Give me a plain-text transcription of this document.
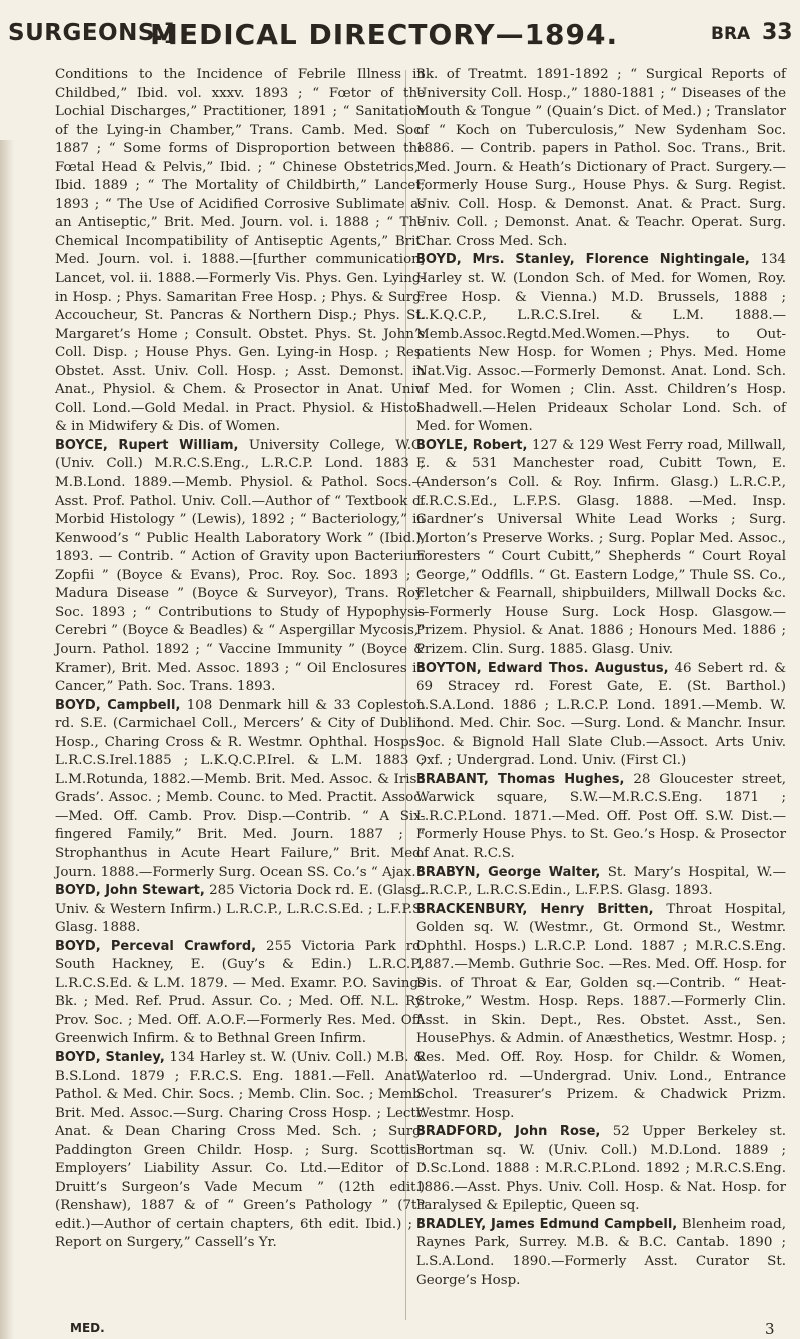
SURGEONS.]
MEDICAL DIRECTORY—1894.	BRA 33

Conditions to the Incidence of Febrile Illness in Childbed,” Ibid. vol. xxxv. 1893 ; “ Fœtor of the Lochial Discharges,” Practitioner, 1891 ; “ Sanitation of the Lying-in Chamber,” Trans. Camb. Med. Soc. 1887 ; “ Some forms of Disproportion between the Fœtal Head & Pelvis,” Ibid. ; “ Chinese Obstetrics,” Ibid. 1889 ; “ The Mortality of Childbirth,” Lancet, 1893 ; “ The Use of Acidified Corrosive Sublimate as an Antiseptic,” Brit. Med. Journ. vol. i. 1888 ; “ The Chemical Incompatibility of Antiseptic Agents,” Brit. Med. Journ. vol. i. 1888.—[further communication] Lancet, vol. ii. 1888.—Formerly Vis. Phys. Gen. Lying-in Hosp. ; Phys. Samaritan Free Hosp. ; Phys. & Surg. Accoucheur, St. Pancras & Northern Disp.; Phys. St. Margaret’s Home ; Consult. Obstet. Phys. St. John’s Coll. Disp. ; House Phys. Gen. Lying-in Hosp. ; Res. Obstet. Asst. Univ. Coll. Hosp. ; Asst. Demonst. in Anat., Physiol. & Chem. & Prosector in Anat. Univ. Coll. Lond.—Gold Medal. in Pract. Physiol. & Histol. & in Midwifery & Dis. of Women.

BOYCE, Rupert William, University College, W.C. (Univ. Coll.) M.R.C.S.Eng., L.R.C.P. Lond. 1883 ; M.B.Lond. 1889.—Memb. Physiol. & Pathol. Socs.—Asst. Prof. Pathol. Univ. Coll.—Author of “ Textbook of Morbid Histology ” (Lewis), 1892 ; “ Bacteriology,” in Kenwood’s “ Public Health Laboratory Work ” (Ibid.), 1893. — Contrib. “ Action of Gravity upon Bacterium Zopfii ” (Boyce & Evans), Proc. Roy. Soc. 1893 ; “ Madura Disease ” (Boyce & Surveyor), Trans. Roy. Soc. 1893 ; “ Contributions to Study of Hypophysis Cerebri ” (Boyce & Beadles) & “ Aspergillar Mycosis,” Journ. Pathol. 1892 ; “ Vaccine Immunity ” (Boyce & Kramer), Brit. Med. Assoc. 1893 ; “ Oil Enclosures in Cancer,” Path. Soc. Trans. 1893.

BOYD, Campbell, 108 Denmark hill & 33 Copleston rd. S.E. (Carmichael Coll., Mercers’ & City of Dublin Hosp., Charing Cross & R. Westmr. Ophthal. Hosps.) L.R.C.S.Irel.1885 ; L.K.Q.C.P.Irel. & L.M. 1883 ; L.M.Rotunda, 1882.—Memb. Brit. Med. Assoc. & Irish Grads’. Assoc. ; Memb. Counc. to Med. Practit. Assoc.—Med. Off. Camb. Prov. Disp.—Contrib. “ A Six-fingered Family,” Brit. Med. Journ. 1887 ; “ Strophanthus in Acute Heart Failure,” Brit. Med. Journ. 1888.—Formerly Surg. Ocean SS. Co.’s “ Ajax.”

BOYD, John Stewart, 285 Victoria Dock rd. E. (Glasg. Univ. & Western Infirm.) L.R.C.P., L.R.C.S.Ed. ; L.F.P.S. Glasg. 1888.

BOYD, Perceval Crawford, 255 Victoria Park rd. South Hackney, E. (Guy’s & Edin.) L.R.C.P., L.R.C.S.Ed. & L.M. 1879. — Med. Examr. P.O. Savings Bk. ; Med. Ref. Prud. Assur. Co. ; Med. Off. N.L. Ry. Prov. Soc. ; Med. Off. A.O.F.—Formerly Res. Med. Off. Greenwich Infirm. & to Bethnal Green Infirm.

BOYD, Stanley, 134 Harley st. W. (Univ. Coll.) M.B. & B.S.Lond. 1879 ; F.R.C.S. Eng. 1881.—Fell. Anat., Pathol. & Med. Chir. Socs. ; Memb. Clin. Soc. ; Memb. Brit. Med. Assoc.—Surg. Charing Cross Hosp. ; Lectr. Anat. & Dean Charing Cross Med. Sch. ; Surg. Paddington Green Childr. Hosp. ; Surg. Scottish Employers’ Liability Assur. Co. Ltd.—Editor of ‘ Druitt’s Surgeon’s Vade Mecum ” (12th edit.) (Renshaw), 1887 & of “ Green’s Pathology ” (7th edit.)—Author of certain chapters, 6th edit. Ibid.) ; “ Report on Surgery,” Cassell’s Yr.

Bk. of Treatmt. 1891-1892 ; “ Surgical Reports of University Coll. Hosp.,” 1880-1881 ; “ Diseases of the Mouth & Tongue ” (Quain’s Dict. of Med.) ; Translator of “ Koch on Tuberculosis,” New Sydenham Soc. 1886. — Contrib. papers in Pathol. Soc. Trans., Brit. Med. Journ. & Heath’s Dictionary of Pract. Surgery.—Formerly House Surg., House Phys. & Surg. Regist. Univ. Coll. Hosp. & Demonst. Anat. & Pract. Surg. Univ. Coll. ; Demonst. Anat. & Teachr. Operat. Surg. Char. Cross Med. Sch.

BOYD, Mrs. Stanley, Florence Nightingale, 134 Harley st. W. (London Sch. of Med. for Women, Roy. Free Hosp. & Vienna.) M.D. Brussels, 1888 ; L.K.Q.C.P., L.R.C.S.Irel. & L.M. 1888.—Memb.Assoc.Regtd.Med.Women.—Phys. to Out-patients New Hosp. for Women ; Phys. Med. Home Nat.Vig. Assoc.—Formerly Demonst. Anat. Lond. Sch. of Med. for Women ; Clin. Asst. Children’s Hosp. Shadwell.—Helen Prideaux Scholar Lond. Sch. of Med. for Women.

BOYLE, Robert, 127 & 129 West Ferry road, Millwall, E. & 531 Manchester road, Cubitt Town, E. (Anderson’s Coll. & Roy. Infirm. Glasg.) L.R.C.P., L.R.C.S.Ed., L.F.P.S. Glasg. 1888. —Med. Insp. Gardner’s Universal White Lead Works ; Surg. Morton’s Preserve Works. ; Surg. Poplar Med. Assoc., Foresters “ Court Cubitt,” Shepherds “ Court Royal George,” Oddflls. “ Gt. Eastern Lodge,” Thule SS. Co., Fletcher & Fearnall, shipbuilders, Millwall Docks &c.—Formerly House Surg. Lock Hosp. Glasgow.—Prizem. Physiol. & Anat. 1886 ; Honours Med. 1886 ; Prizem. Clin. Surg. 1885. Glasg. Univ.

BOYTON, Edward Thos. Augustus, 46 Sebert rd. & 69 Stracey rd. Forest Gate, E. (St. Barthol.) L.S.A.Lond. 1886 ; L.R.C.P. Lond. 1891.—Memb. W. Lond. Med. Chir. Soc. —Surg. Lond. & Manchr. Insur. Soc. & Bignold Hall Slate Club.—Assoct. Arts Univ. Oxf. ; Undergrad. Lond. Univ. (First Cl.)

BRABANT, Thomas Hughes, 28 Gloucester street, Warwick square, S.W.—M.R.C.S.Eng. 1871 ; L.R.C.P.Lond. 1871.—Med. Off. Post Off. S.W. Dist.—Formerly House Phys. to St. Geo.’s Hosp. & Prosector of Anat. R.C.S.

BRABYN, George Walter, St. Mary’s Hospital, W.—L.R.C.P., L.R.C.S.Edin., L.F.P.S. Glasg. 1893.

BRACKENBURY, Henry Britten, Throat Hospital, Golden sq. W. (Westmr., Gt. Ormond St., Westmr. Ophthl. Hosps.) L.R.C.P. Lond. 1887 ; M.R.C.S.Eng. 1887.—Memb. Guthrie Soc. —Res. Med. Off. Hosp. for Dis. of Throat & Ear, Golden sq.—Contrib. “ Heat-Stroke,” Westm. Hosp. Reps. 1887.—Formerly Clin. Asst. in Skin. Dept., Res. Obstet. Asst., Sen. HousePhys. & Admin. of Anæsthetics, Westmr. Hosp. ; Res. Med. Off. Roy. Hosp. for Childr. & Women, Waterloo rd. —Undergrad. Univ. Lond., Entrance Schol. Treasurer’s Prizem. & Chadwick Prizm. Westmr. Hosp.

BRADFORD, John Rose, 52 Upper Berkeley st. Portman sq. W. (Univ. Coll.) M.D.Lond. 1889 ; D.Sc.Lond. 1888 : M.R.C.P.Lond. 1892 ; M.R.C.S.Eng. 1886.—Asst. Phys. Univ. Coll. Hosp. & Nat. Hosp. for Paralysed & Epileptic, Queen sq.

BRADLEY, James Edmund Campbell, Blenheim road, Raynes Park, Surrey. M.B. & B.C. Cantab. 1890 ; L.S.A.Lond. 1890.—Formerly Asst. Curator St. George’s Hosp.

MED.	3
